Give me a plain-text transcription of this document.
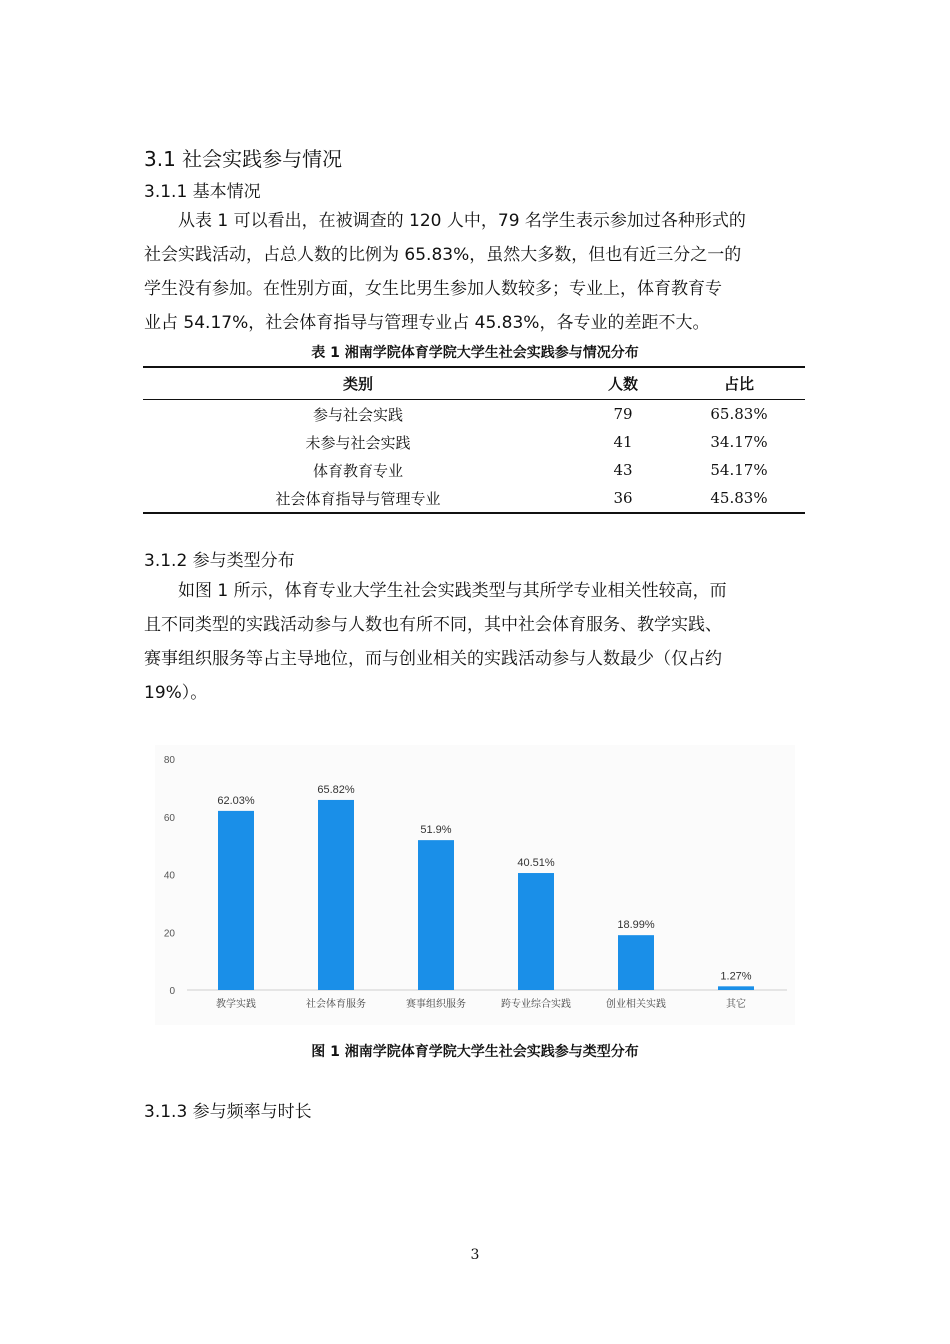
3.1 社会实践参与情况
3.1.1 基本情况
从表 1 可以看出，在被调查的 120 人中，79 名学生表示参加过各种形式的
社会实践活动，占总人数的比例为 65.83%，虽然大多数，但也有近三分之一的
学生没有参加。在性别方面，女生比男生参加人数较多；专业上，体育教育专
业占 54.17%，社会体育指导与管理专业占 45.83%，各专业的差距不大。
表 1 湘南学院体育学院大学生社会实践参与情况分布
类别	人数	占比
参与社会实践	79	65.83%
未参与社会实践	41	34.17%
体育教育专业	43	54.17%
社会体育指导与管理专业	36	45.83%
3.1.2 参与类型分布
如图 1 所示，体育专业大学生社会实践类型与其所学专业相关性较高，而
且不同类型的实践活动参与人数也有所不同，其中社会体育服务、教学实践、
赛事组织服务等占主导地位，而与创业相关的实践活动参与人数最少（仅占约
19%）。
0
20
40
60
80
62.03%
教学实践
65.82%
社会体育服务
51.9%
赛事组织服务
40.51%
跨专业综合实践
18.99%
创业相关实践
1.27%
其它
图 1 湘南学院体育学院大学生社会实践参与类型分布
3.1.3 参与频率与时长
3
